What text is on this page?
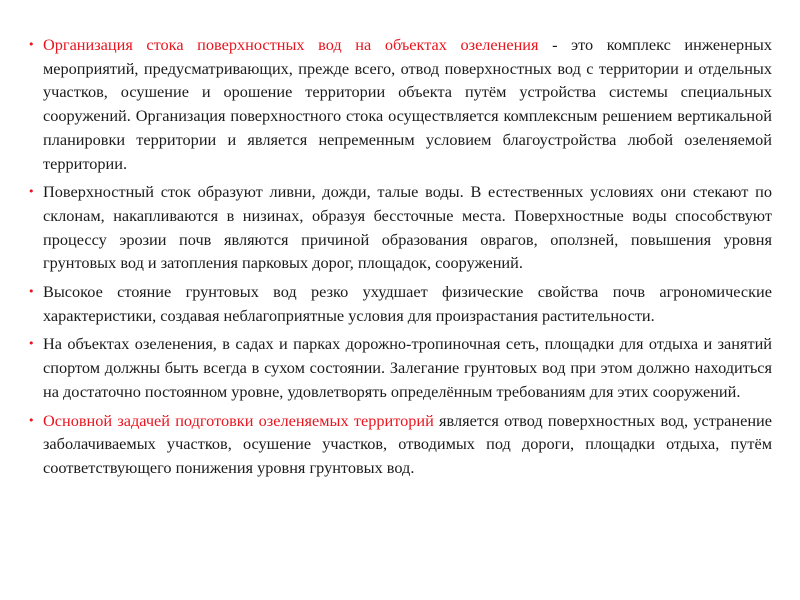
• Организация стока поверхностных вод на объектах озеленения - это комплекс инженерных мероприятий, предусматривающих, прежде всего, отвод поверхностных вод с территории и отдельных участков, осушение и орошение территории объекта путём устройства системы специальных сооружений. Организация поверхностного стока осуществляется комплексным решением вертикальной планировки территории и является непременным условием благоустройства любой озеленяемой территории.
• Поверхностный сток образуют ливни, дожди, талые воды. В естественных условиях они стекают по склонам, накапливаются в низинах, образуя бессточные места. Поверхностные воды способствуют процессу эрозии почв являются причиной образования оврагов, оползней, повышения уровня грунтовых вод и затопления парковых дорог, площадок, сооружений.
• Высокое стояние грунтовых вод резко ухудшает физические свойства почв агрономические характеристики, создавая неблагоприятные условия для произрастания растительности.
• На объектах озеленения, в садах и парках дорожно-тропиночная сеть, площадки для отдыха и занятий спортом должны быть всегда в сухом состоянии. Залегание грунтовых вод при этом должно находиться на достаточно постоянном уровне, удовлетворять определённым требованиям для этих сооружений.
• Основной задачей подготовки озеленяемых территорий является отвод поверхностных вод, устранение заболачиваемых участков, осушение участков, отводимых под дороги, площадки отдыха, путём соответствующего понижения уровня грунтовых вод.
